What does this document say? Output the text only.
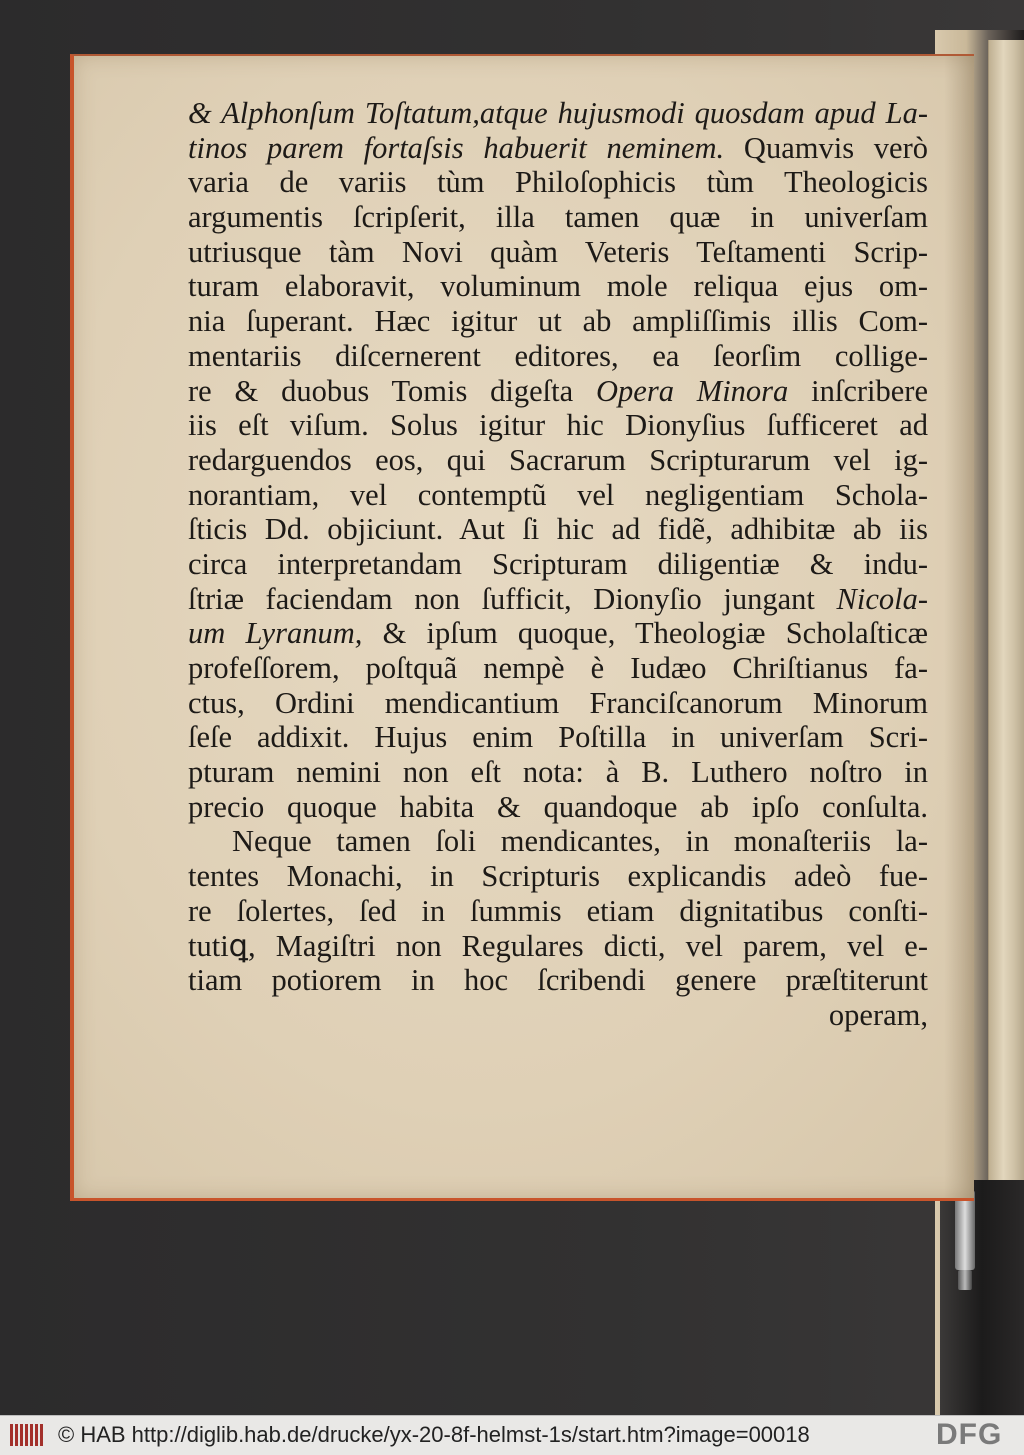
& Alphonſum Toſtatum,atque hujusmodi quosdam apud La-
tinos parem fortaſsis habuerit neminem. Quamvis verò
varia de variis tùm Philoſophicis tùm Theologicis
argumentis ſcripſerit, illa tamen quæ in univerſam
utriusque tàm Novi quàm Veteris Teſtamenti Scrip-
turam elaboravit, voluminum mole reliqua ejus om-
nia ſuperant. Hæc igitur ut ab ampliſſimis illis Com-
mentariis diſcernerent editores, ea ſeorſim collige-
re & duobus Tomis digeſta Opera Minora inſcribere
iis eſt viſum. Solus igitur hic Dionyſius ſufficeret ad
redarguendos eos, qui Sacrarum Scripturarum vel ig-
norantiam, vel contemptũ vel negligentiam Schola-
ſticis Dd. objiciunt. Aut ſi hic ad fidẽ, adhibitæ ab iis
circa interpretandam Scripturam diligentiæ & indu-
ſtriæ faciendam non ſufficit, Dionyſio jungant Nicola-
um Lyranum, & ipſum quoque, Theologiæ Scholaſticæ
profeſſorem, poſtquã nempè è Iudæo Chriſtianus fa-
ctus, Ordini mendicantium Franciſcanorum Minorum
ſeſe addixit. Hujus enim Poſtilla in univerſam Scri-
pturam nemini non eſt nota: à B. Luthero noſtro in
precio quoque habita & quandoque ab ipſo conſulta.
Neque tamen ſoli mendicantes, in monaſteriis la-
tentes Monachi, in Scripturis explicandis adeò fue-
re ſolertes, ſed in ſummis etiam dignitatibus conſti-
tutiꝗ, Magiſtri non Regulares dicti, vel parem, vel e-
tiam potiorem in hoc ſcribendi genere præſtiterunt
operam,
© HAB http://diglib.hab.de/drucke/yx-20-8f-helmst-1s/start.htm?image=00018	DFG
